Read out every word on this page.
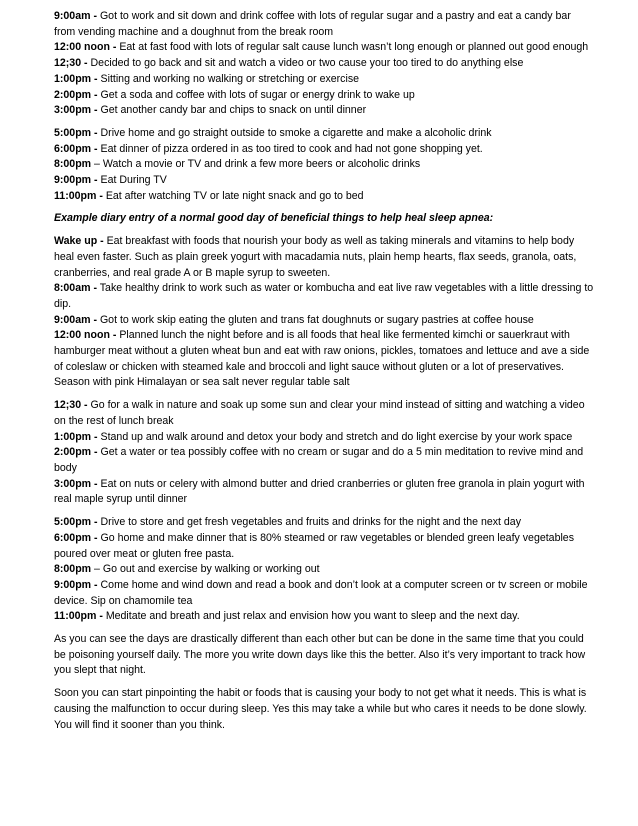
9:00am - Got to work and sit down and drink coffee with lots of regular sugar and a pastry and eat a candy bar from vending machine and a doughnut from the break room

12:00 noon - Eat at fast food with lots of regular salt cause lunch wasn’t long enough or planned out good enough

12;30 - Decided to go back and sit and watch a video or two cause your too tired to do anything else

1:00pm - Sitting and working no walking or stretching or exercise

2:00pm - Get a soda and coffee with lots of sugar or energy drink to wake up

3:00pm - Get another candy bar and chips to snack on until dinner

5:00pm - Drive home and go straight outside to smoke a cigarette and make a alcoholic drink

6:00pm - Eat dinner of pizza ordered in as too tired to cook and had not gone shopping yet.

8:00pm – Watch a movie or TV and drink a few more beers or alcoholic drinks

9:00pm - Eat During TV

11:00pm - Eat after watching TV or late night snack and go to bed

Example diary entry of a normal good day of beneficial things to help heal sleep apnea:

Wake up - Eat breakfast with foods that nourish your body as well as taking minerals and vitamins to help body heal even faster. Such as plain greek yogurt with macadamia nuts, plain hemp hearts, flax seeds, granola, oats, cranberries, and real grade A or B maple syrup to sweeten.

8:00am - Take healthy drink to work such as water or kombucha and eat live raw vegetables with a little dressing to dip.

9:00am - Got to work skip eating the gluten and trans fat doughnuts or sugary pastries at coffee house

12:00 noon - Planned lunch the night before and is all foods that heal like fermented kimchi or sauerkraut with hamburger meat without a gluten wheat bun and eat with raw onions, pickles, tomatoes and lettuce and ave a side of coleslaw or chicken with steamed kale and broccoli and light sauce without gluten or a lot of preservatives. Season with pink Himalayan or sea salt never regular table salt

12;30 - Go for a walk in nature and soak up some sun and clear your mind instead of sitting and watching a video on the rest of lunch break

1:00pm - Stand up and walk around and detox your body and stretch and do light exercise by your work space

2:00pm - Get a water or tea possibly coffee with no cream or sugar and do a 5 min meditation to revive mind and body

3:00pm - Eat on nuts or celery with almond butter and dried cranberries or gluten free granola in plain yogurt with real maple syrup until dinner

5:00pm - Drive to store and get fresh vegetables and fruits and drinks for the night and the next day

6:00pm - Go home and make dinner that is 80% steamed or raw vegetables or blended green leafy vegetables poured over meat or gluten free pasta.

8:00pm – Go out and exercise by walking or working out

9:00pm - Come home and wind down and read a book and don’t look at a computer screen or tv screen or mobile device. Sip on chamomile tea

11:00pm - Meditate and breath and just relax and envision how you want to sleep and the next day.

As you can see the days are drastically different than each other but can be done in the same time that you could be poisoning yourself daily. The more you write down days like this the better. Also it’s very important to track how you slept that night.

Soon you can start pinpointing the habit or foods that is causing your body to not get what it needs. This is what is causing the malfunction to occur during sleep. Yes this may take a while but who cares it needs to be done slowly. You will find it sooner than you think.
